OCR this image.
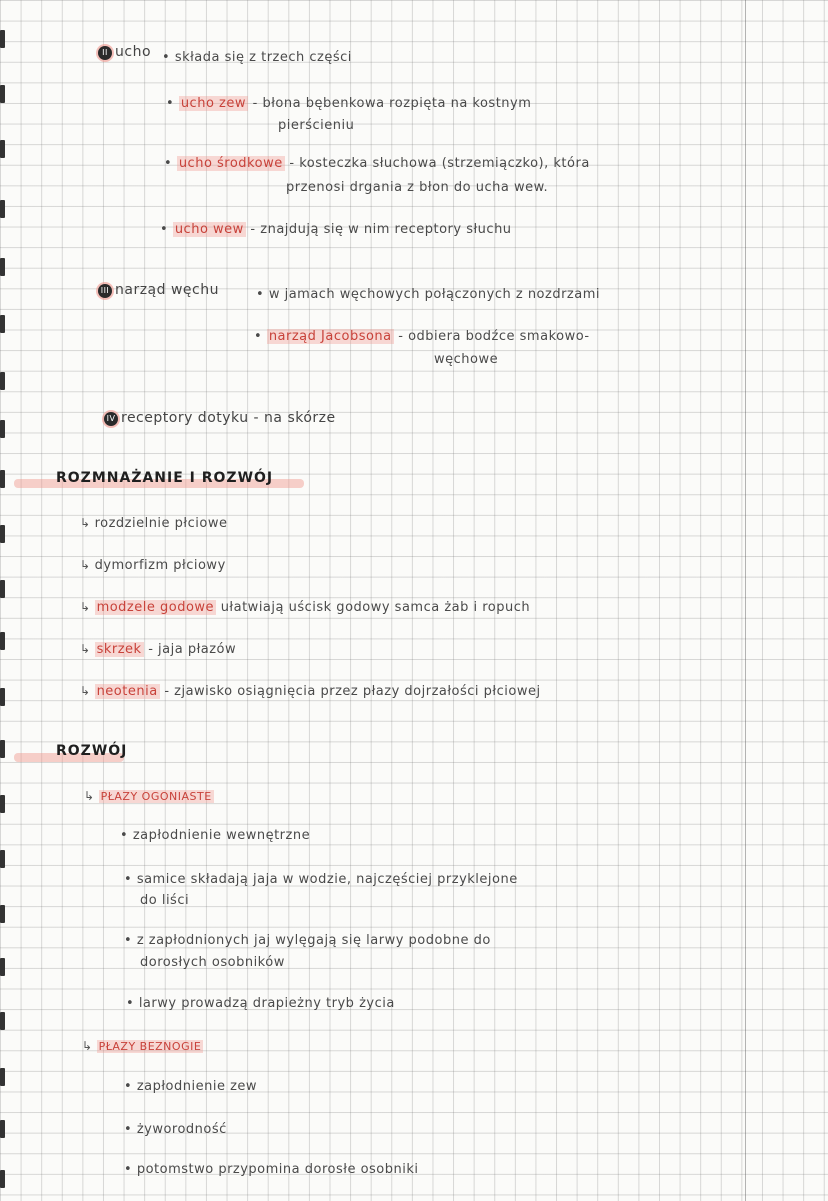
II ucho • składa się z trzech części
• ucho zew - błona bębenkowa rozpięta na kostnym
pierścieniu
• ucho środkowe - kosteczka słuchowa (strzemiączko), która
przenosi drgania z błon do ucha wew.
• ucho wew - znajdują się w nim receptory słuchu
III narząd węchu	• w jamach węchowych połączonych z nozdrzami
• narząd Jacobsona - odbiera bodźce smakowo-
węchowe
IV receptory dotyku - na skórze
ROZMNAŻANIE I ROZWÓJ
↳ rozdzielnie płciowe
↳ dymorfizm płciowy
↳ modzele godowe ułatwiają uścisk godowy samca żab i ropuch
↳ skrzek - jaja płazów
↳ neotenia - zjawisko osiągnięcia przez płazy dojrzałości płciowej
ROZWÓJ
↳ PŁAZY OGONIASTE
• zapłodnienie wewnętrzne
• samice składają jaja w wodzie, najczęściej przyklejone
do liści
• z zapłodnionych jaj wylęgają się larwy podobne do
dorosłych osobników
• larwy prowadzą drapieżny tryb życia
↳ PŁAZY BEZNOGIE
• zapłodnienie zew
• żyworodność
• potomstwo przypomina dorosłe osobniki
